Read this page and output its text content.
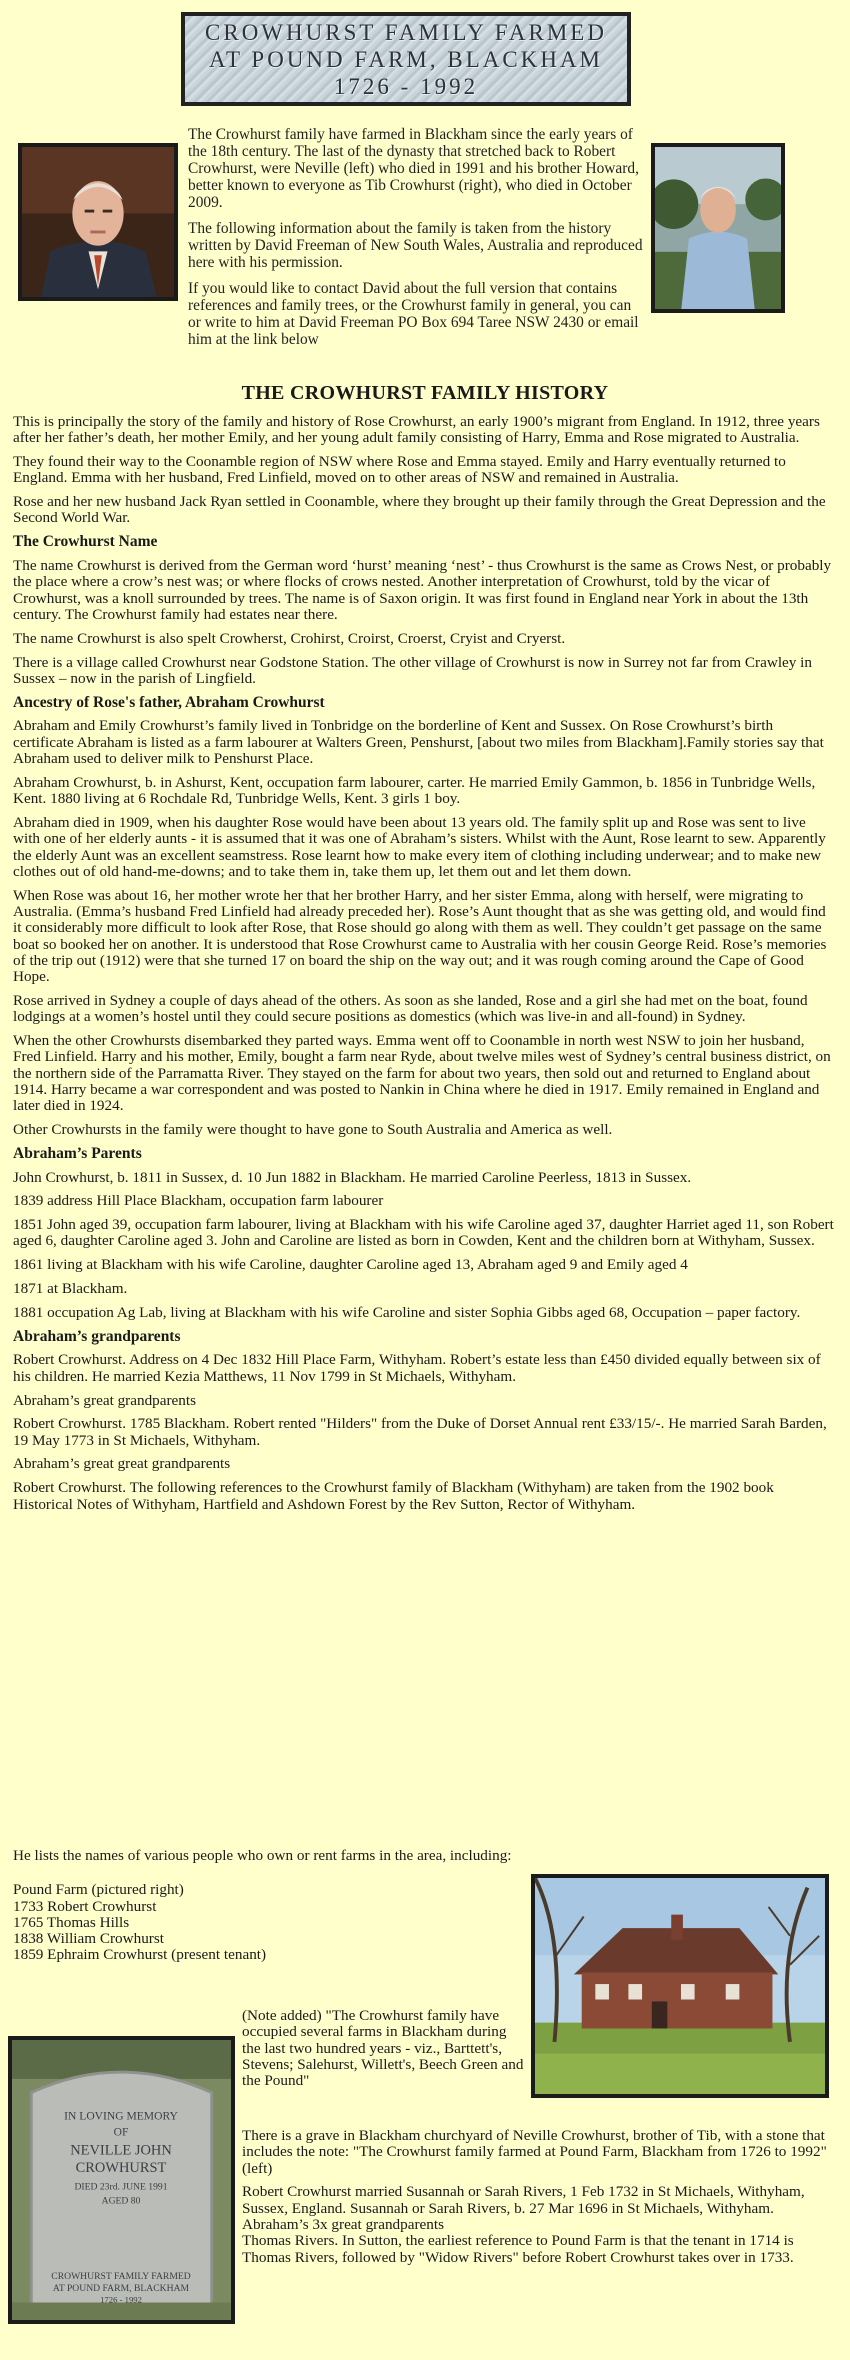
CROWHURST FAMILY FARMED
AT POUND FARM, BLACKHAM
1726 - 1992

The Crowhurst family have farmed in Blackham since the early years of the 18th century. The last of the dynasty that stretched back to Robert Crowhurst, were Neville (left) who died in 1991 and his brother Howard, better known to everyone as Tib Crowhurst (right), who died in October 2009.

The following information about the family is taken from the history written by David Freeman of New South Wales, Australia and reproduced here with his permission.

If you would like to contact David about the full version that contains references and family trees, or the Crowhurst family in general, you can or write to him at David Freeman PO Box 694 Taree NSW 2430 or email him at the link below

THE CROWHURST FAMILY HISTORY

This is principally the story of the family and history of Rose Crowhurst, an early 1900’s migrant from England. In 1912, three years after her father’s death, her mother Emily, and her young adult family consisting of Harry, Emma and Rose migrated to Australia.

They found their way to the Coonamble region of NSW where Rose and Emma stayed. Emily and Harry eventually returned to England. Emma with her husband, Fred Linfield, moved on to other areas of NSW and remained in Australia.

Rose and her new husband Jack Ryan settled in Coonamble, where they brought up their family through the Great Depression and the Second World War.

The Crowhurst Name

The name Crowhurst is derived from the German word ‘hurst’ meaning ‘nest’ - thus Crowhurst is the same as Crows Nest, or probably the place where a crow’s nest was; or where flocks of crows nested. Another interpretation of Crowhurst, told by the vicar of Crowhurst, was a knoll surrounded by trees. The name is of Saxon origin. It was first found in England near York in about the 13th century. The Crowhurst family had estates near there.

The name Crowhurst is also spelt Crowherst, Crohirst, Croirst, Croerst, Cryist and Cryerst.

There is a village called Crowhurst near Godstone Station. The other village of Crowhurst is now in Surrey not far from Crawley in Sussex – now in the parish of Lingfield.

Ancestry of Rose's father, Abraham Crowhurst

Abraham and Emily Crowhurst’s family lived in Tonbridge on the borderline of Kent and Sussex. On Rose Crowhurst’s birth certificate Abraham is listed as a farm labourer at Walters Green, Penshurst, [about two miles from Blackham].Family stories say that Abraham used to deliver milk to Penshurst Place.

Abraham Crowhurst, b. in Ashurst, Kent, occupation farm labourer, carter. He married Emily Gammon, b. 1856 in Tunbridge Wells, Kent. 1880 living at 6 Rochdale Rd, Tunbridge Wells, Kent. 3 girls 1 boy.

Abraham died in 1909, when his daughter Rose would have been about 13 years old. The family split up and Rose was sent to live with one of her elderly aunts - it is assumed that it was one of Abraham’s sisters. Whilst with the Aunt, Rose learnt to sew. Apparently the elderly Aunt was an excellent seamstress. Rose learnt how to make every item of clothing including underwear; and to make new clothes out of old hand-me-downs; and to take them in, take them up, let them out and let them down.

When Rose was about 16, her mother wrote her that her brother Harry, and her sister Emma, along with herself, were migrating to Australia. (Emma’s husband Fred Linfield had already preceded her). Rose’s Aunt thought that as she was getting old, and would find it considerably more difficult to look after Rose, that Rose should go along with them as well. They couldn’t get passage on the same boat so booked her on another. It is understood that Rose Crowhurst came to Australia with her cousin George Reid. Rose’s memories of the trip out (1912) were that she turned 17 on board the ship on the way out; and it was rough coming around the Cape of Good Hope.

Rose arrived in Sydney a couple of days ahead of the others. As soon as she landed, Rose and a girl she had met on the boat, found lodgings at a women’s hostel until they could secure positions as domestics (which was live-in and all-found) in Sydney.

When the other Crowhursts disembarked they parted ways. Emma went off to Coonamble in north west NSW to join her husband, Fred Linfield. Harry and his mother, Emily, bought a farm near Ryde, about twelve miles west of Sydney’s central business district, on the northern side of the Parramatta River. They stayed on the farm for about two years, then sold out and returned to England about 1914. Harry became a war correspondent and was posted to Nankin in China where he died in 1917. Emily remained in England and later died in 1924.

Other Crowhursts in the family were thought to have gone to South Australia and America as well.

Abraham’s Parents

John Crowhurst, b. 1811 in Sussex, d. 10 Jun 1882 in Blackham. He married Caroline Peerless, 1813 in Sussex.

1839 address Hill Place Blackham, occupation farm labourer

1851 John aged 39, occupation farm labourer, living at Blackham with his wife Caroline aged 37, daughter Harriet aged 11, son Robert aged 6, daughter Caroline aged 3. John and Caroline are listed as born in Cowden, Kent and the children born at Withyham, Sussex.

1861 living at Blackham with his wife Caroline, daughter Caroline aged 13, Abraham aged 9 and Emily aged 4

1871 at Blackham.

1881 occupation Ag Lab, living at Blackham with his wife Caroline and sister Sophia Gibbs aged 68, Occupation – paper factory.

Abraham’s grandparents

Robert Crowhurst. Address on 4 Dec 1832 Hill Place Farm, Withyham. Robert’s estate less than £450 divided equally between six of his children. He married Kezia Matthews, 11 Nov 1799 in St Michaels, Withyham.

Abraham’s great grandparents

Robert Crowhurst. 1785 Blackham. Robert rented "Hilders" from the Duke of Dorset Annual rent £33/15/-. He married Sarah Barden, 19 May 1773 in St Michaels, Withyham.

Abraham’s great great grandparents

Robert Crowhurst. The following references to the Crowhurst family of Blackham (Withyham) are taken from the 1902 book Historical Notes of Withyham, Hartfield and Ashdown Forest by the Rev Sutton, Rector of Withyham.

He lists the names of various people who own or rent farms in the area, including:
Pound Farm (pictured right)
1733 Robert Crowhurst
1765 Thomas Hills
1838 William Crowhurst
1859 Ephraim Crowhurst (present tenant)
IN LOVING MEMORY
OF
NEVILLE JOHN
CROWHURST
DIED 23rd. JUNE 1991
AGED 80
CROWHURST FAMILY FARMED
AT POUND FARM, BLACKHAM
1726 - 1992
(Note added) "The Crowhurst family have occupied several farms in Blackham during the last two hundred years - viz., Barttett's, Stevens; Salehurst, Willett's, Beech Green and the Pound"

There is a grave in Blackham churchyard of Neville Crowhurst, brother of Tib, with a stone that includes the note: "The Crowhurst family farmed at Pound Farm, Blackham from 1726 to 1992" (left)

Robert Crowhurst married Susannah or Sarah Rivers, 1 Feb 1732 in St Michaels, Withyham, Sussex, England. Susannah or Sarah Rivers, b. 27 Mar 1696 in St Michaels, Withyham.
Abraham’s 3x great grandparents
Thomas Rivers. In Sutton, the earliest reference to Pound Farm is that the tenant in 1714 is Thomas Rivers, followed by "Widow Rivers" before Robert Crowhurst takes over in 1733.
